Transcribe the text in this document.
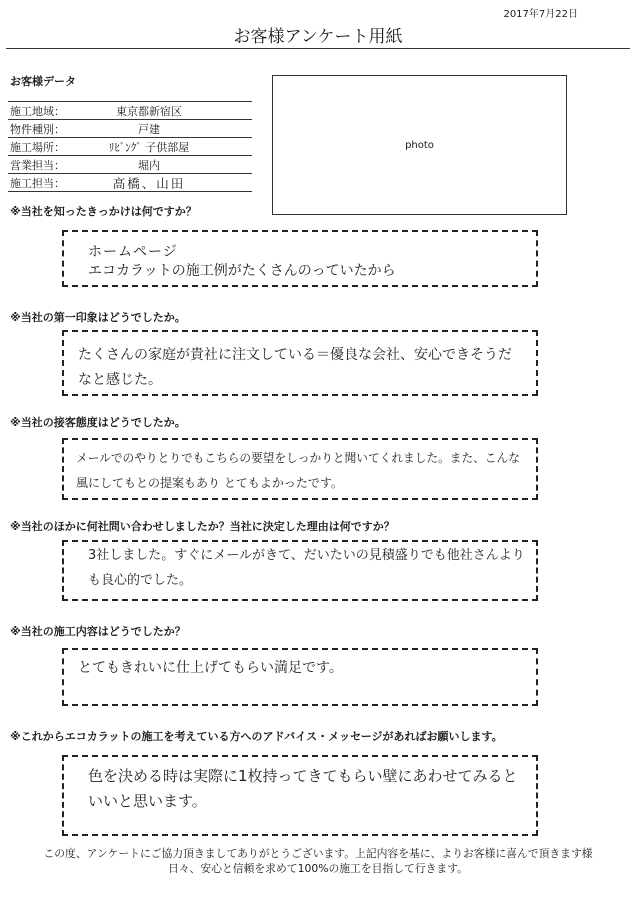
2017年7月22日
お客様アンケート用紙
お客様データ
施工地域：	東京都新宿区
物件種別：	戸建
施工場所：	ﾘﾋﾞﾝｸﾞ 子供部屋
営業担当：	堀内
施工担当：	高橋、山田
photo
※当社を知ったきっかけは何ですか？
ホームページ
エコカラットの施工例がたくさんのっていたから
※当社の第一印象はどうでしたか。
たくさんの家庭が貴社に注文している＝優良な会社、安心できそうだ
なと感じた。
※当社の接客態度はどうでしたか。
メールでのやりとりでもこちらの要望をしっかりと聞いてくれました。また、こんな
風にしてもとの提案もあり とてもよかったです。
※当社のほかに何社問い合わせしましたか？当社に決定した理由は何ですか？
3社しました。すぐにメールがきて、だいたいの見積盛りでも他社さんより
も良心的でした。
※当社の施工内容はどうでしたか？
とてもきれいに仕上げてもらい満足です。
※これからエコカラットの施工を考えている方へのアドバイス・メッセージがあればお願いします。
色を決める時は実際に1枚持ってきてもらい壁にあわせてみると
いいと思います。
この度、アンケートにご協力頂きましてありがとうございます。上記内容を基に、よりお客様に喜んで頂きます様
日々、安心と信頼を求めて100%の施工を目指して行きます。
